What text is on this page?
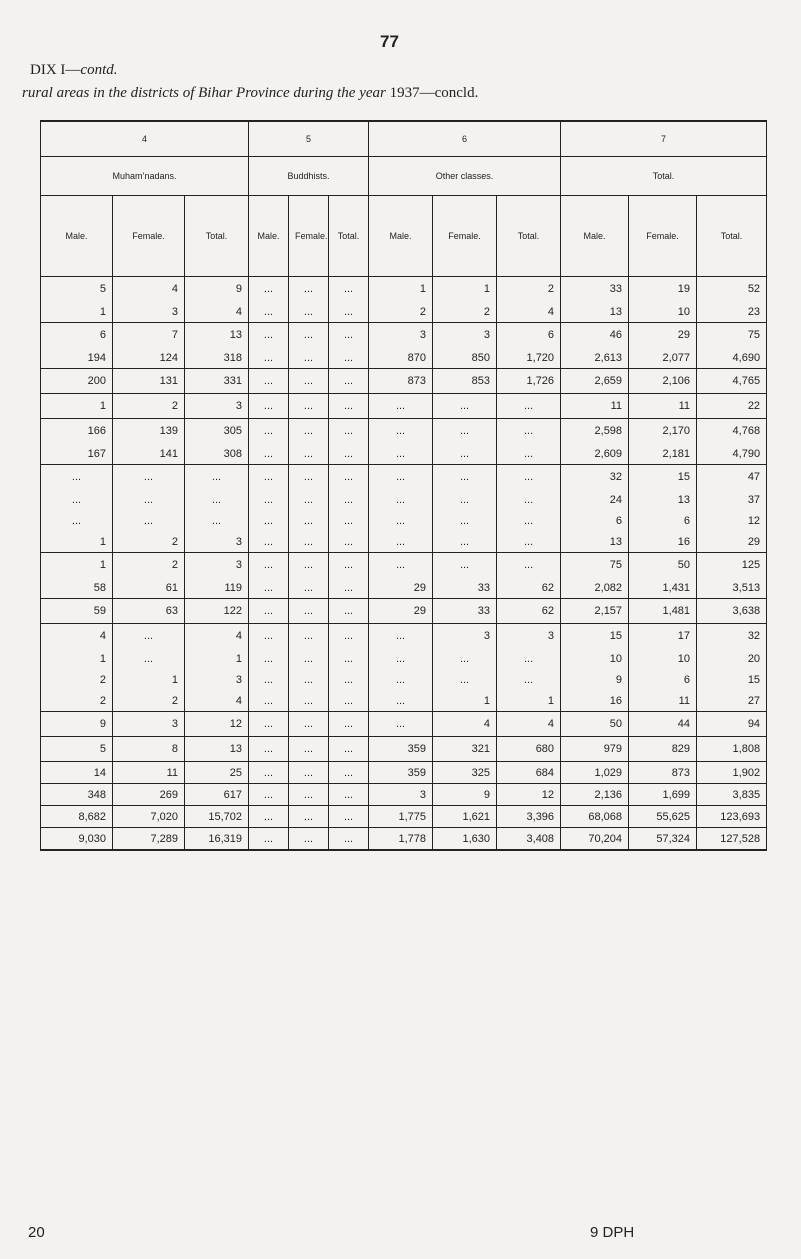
77
DIX I—contd.
rural areas in the districts of Bihar Province during the year 1937—concld.
4			5			6			7		
Muham’nadans.			Buddhists.			Other classes.			Total.		
Male.	Female.	Total.	Male.	Female.	Total.	Male.	Female.	Total.	Male.	Female.	Total.
5	4	9	...	...	...	1	1	2	33	19	52
1	3	4	...	...	...	2	2	4	13	10	23
6	7	13	...	...	...	3	3	6	46	29	75
194	124	318	...	...	...	870	850	1,720	2,613	2,077	4,690
200	131	331	...	...	...	873	853	1,726	2,659	2,106	4,765
1	2	3	...	...	...	...	...	...	11	11	22
166	139	305	...	...	...	...	...	...	2,598	2,170	4,768
167	141	308	...	...	...	...	...	...	2,609	2,181	4,790
...	...	...	...	...	...	...	...	...	32	15	47
...	...	...	...	...	...	...	...	...	24	13	37
...	...	...	...	...	...	...	...	...	6	6	12
1	2	3	...	...	...	...	...	...	13	16	29
1	2	3	...	...	...	...	...	...	75	50	125
58	61	119	...	...	...	29	33	62	2,082	1,431	3,513
59	63	122	...	...	...	29	33	62	2,157	1,481	3,638
4	...	4	...	...	...	...	3	3	15	17	32
1	...	1	...	...	...	...	...	...	10	10	20
2	1	3	...	...	...	...	...	...	9	6	15
2	2	4	...	...	...	...	1	1	16	11	27
9	3	12	...	...	...	...	4	4	50	44	94
5	8	13	...	...	...	359	321	680	979	829	1,808
14	11	25	...	...	...	359	325	684	1,029	873	1,902
348	269	617	...	...	...	3	9	12	2,136	1,699	3,835
8,682	7,020	15,702	...	...	...	1,775	1,621	3,396	68,068	55,625	123,693
9,030	7,289	16,319	...	...	...	1,778	1,630	3,408	70,204	57,324	127,528
20	9 DPH
